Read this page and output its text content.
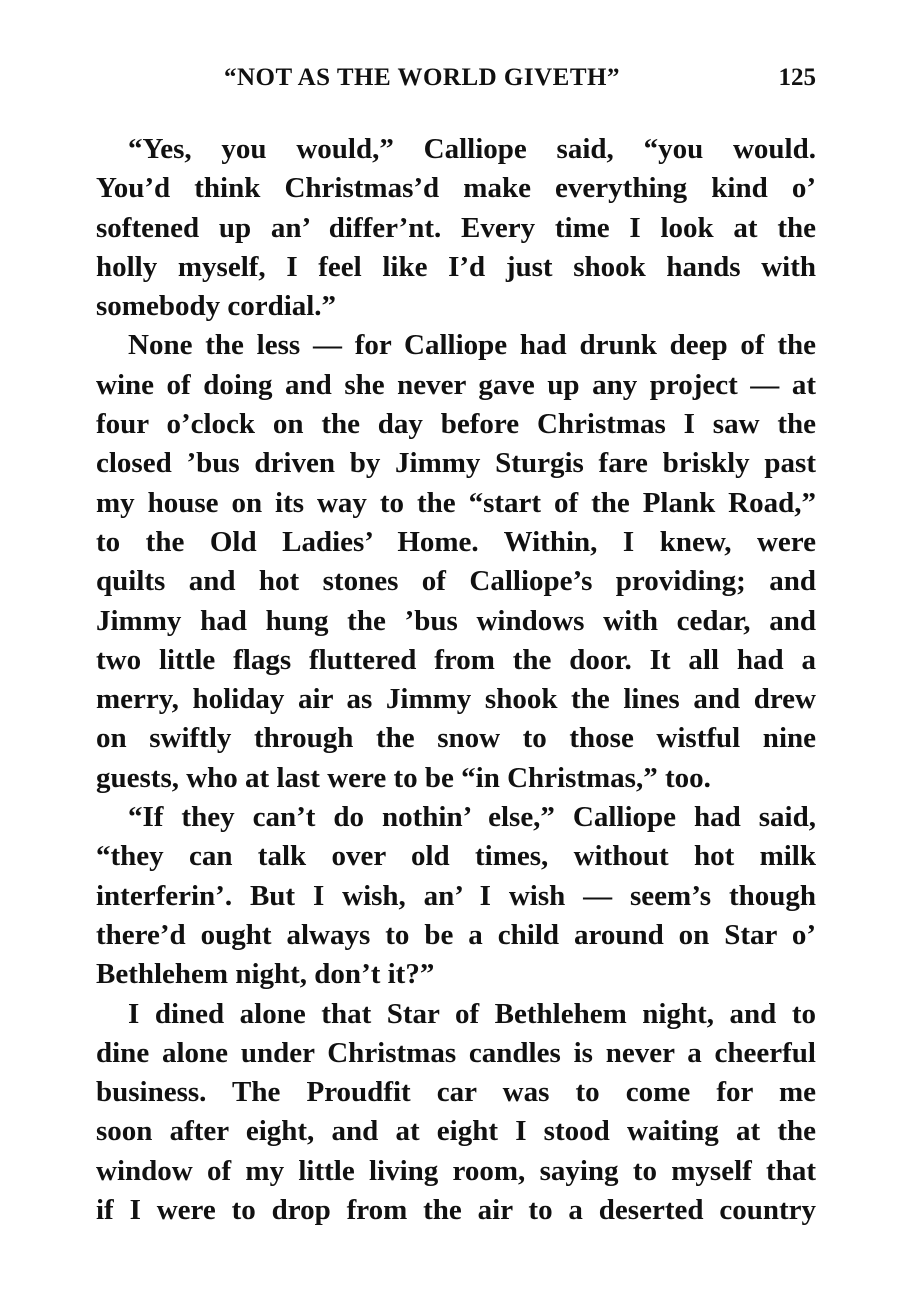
“NOT AS THE WORLD GIVETH”	125
“Yes, you would,” Calliope said, “you would.
You’d think Christmas’d make everything kind o’
softened up an’ differ’nt. Every time I look at the
holly myself, I feel like I’d just shook hands with
somebody cordial.”
None the less — for Calliope had drunk deep of the
wine of doing and she never gave up any project — at
four o’clock on the day before Christmas I saw the
closed ’bus driven by Jimmy Sturgis fare briskly past
my house on its way to the “start of the Plank Road,”
to the Old Ladies’ Home. Within, I knew, were
quilts and hot stones of Calliope’s providing; and
Jimmy had hung the ’bus windows with cedar, and
two little flags fluttered from the door. It all had a
merry, holiday air as Jimmy shook the lines and drew
on swiftly through the snow to those wistful nine
guests, who at last were to be “in Christmas,” too.
“If they can’t do nothin’ else,” Calliope had said,
“they can talk over old times, without hot milk
interferin’. But I wish, an’ I wish — seem’s though
there’d ought always to be a child around on Star o’
Bethlehem night, don’t it?”
I dined alone that Star of Bethlehem night, and to
dine alone under Christmas candles is never a cheerful
business. The Proudfit car was to come for me
soon after eight, and at eight I stood waiting at the
window of my little living room, saying to myself that
if I were to drop from the air to a deserted country
